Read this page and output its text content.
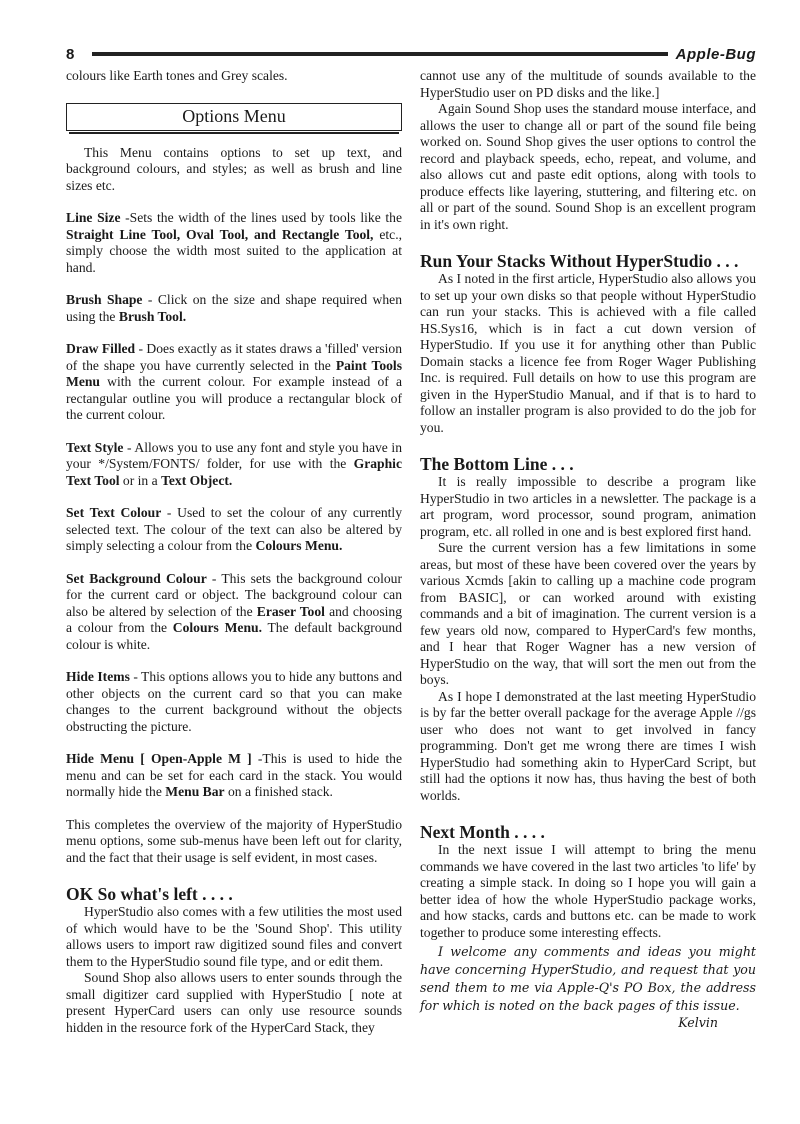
8	Apple-Bug

colours like Earth tones and Grey scales.

Options Menu

This Menu contains options to set up text, and background colours, and styles; as well as brush and line sizes etc.

Line Size -Sets the width of the lines used by tools like the Straight Line Tool, Oval Tool, and Rectangle Tool, etc., simply choose the width most suited to the application at hand.

Brush Shape - Click on the size and shape required when using the Brush Tool.

Draw Filled - Does exactly as it states draws a 'filled' version of the shape you have currently selected in the Paint Tools Menu with the current colour. For example instead of a rectangular outline you will produce a rectangular block of the current colour.

Text Style - Allows you to use any font and style you have in your */System/FONTS/ folder, for use with the Graphic Text Tool or in a Text Object.

Set Text Colour - Used to set the colour of any currently selected text. The colour of the text can also be altered by simply selecting a colour from the Colours Menu.

Set Background Colour - This sets the background colour for the current card or object. The background colour can also be altered by selection of the Eraser Tool and choosing a colour from the Colours Menu. The default background colour is white.

Hide Items - This options allows you to hide any buttons and other objects on the current card so that you can make changes to the current background without the objects obstructing the picture.

Hide Menu [ Open-Apple M ] -This is used to hide the menu and can be set for each card in the stack. You would normally hide the Menu Bar on a finished stack.

This completes the overview of the majority of HyperStudio menu options, some sub-menus have been left out for clarity, and the fact that their usage is self evident, in most cases.

OK So what's left . . . .

HyperStudio also comes with a few utilities the most used of which would have to be the 'Sound Shop'. This utility allows users to import raw digitized sound files and convert them to the HyperStudio sound file type, and or edit them.

Sound Shop also allows users to enter sounds through the small digitizer card supplied with HyperStudio [ note at present HyperCard users can only use resource sounds hidden in the resource fork of the HyperCard Stack, they

cannot use any of the multitude of sounds available to the HyperStudio user on PD disks and the like.]

Again Sound Shop uses the standard mouse interface, and allows the user to change all or part of the sound file being worked on. Sound Shop gives the user options to control the record and playback speeds, echo, repeat, and volume, and also allows cut and paste edit options, along with tools to produce effects like layering, stuttering, and filtering etc. on all or part of the sound. Sound Shop is an excellent program in it's own right.

Run Your Stacks Without HyperStudio . . .

As I noted in the first article, HyperStudio also allows you to set up your own disks so that people without HyperStudio can run your stacks. This is achieved with a file called HS.Sys16, which is in fact a cut down version of HyperStudio. If you use it for anything other than Public Domain stacks a licence fee from Roger Wager Publishing Inc. is required. Full details on how to use this program are given in the HyperStudio Manual, and if that is to hard to follow an installer program is also provided to do the job for you.

The Bottom Line . . .

It is really impossible to describe a program like HyperStudio in two articles in a newsletter. The package is a art program, word processor, sound program, animation program, etc. all rolled in one and is best explored first hand.

Sure the current version has a few limitations in some areas, but most of these have been covered over the years by various Xcmds [akin to calling up a machine code program from BASIC], or can worked around with existing commands and a bit of imagination. The current version is a few years old now, compared to HyperCard's few months, and I hear that Roger Wagner has a new version of HyperStudio on the way, that will sort the men out from the boys.

As I hope I demonstrated at the last meeting HyperStudio is by far the better overall package for the average Apple //gs user who does not want to get involved in fancy programming. Don't get me wrong there are times I wish HyperStudio had something akin to HyperCard Script, but still had the options it now has, thus having the best of both worlds.

Next Month . . . .

In the next issue I will attempt to bring the menu commands we have covered in the last two articles 'to life' by creating a simple stack. In doing so I hope you will gain a better idea of how the whole HyperStudio package works, and how stacks, cards and buttons etc. can be made to work together to produce some interesting effects.

I welcome any comments and ideas you might have concerning HyperStudio, and request that you send them to me via Apple-Q's PO Box, the address for which is noted on the back pages of this issue.

Kelvin
